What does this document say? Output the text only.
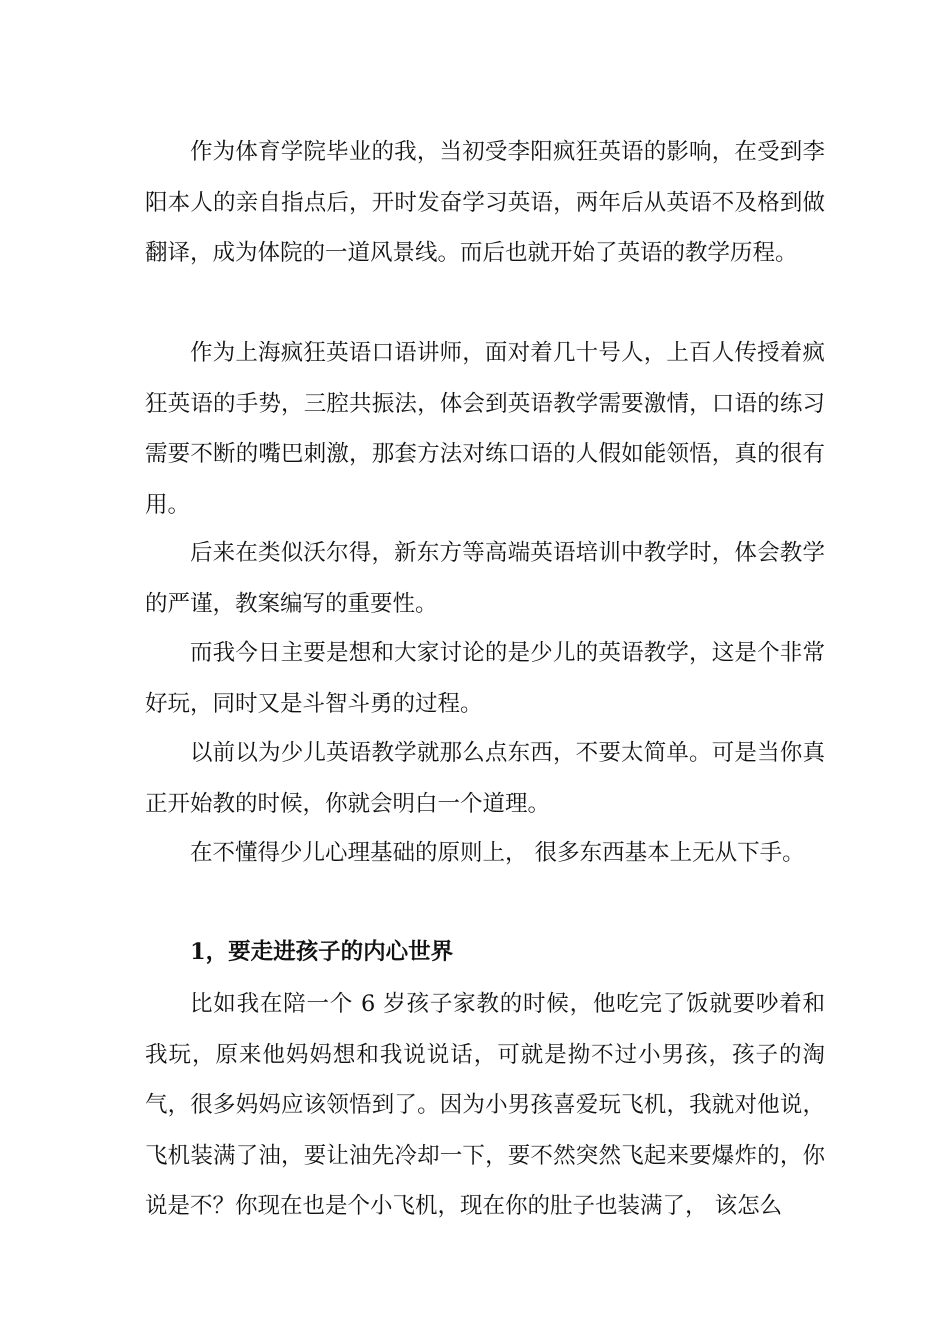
作为体育学院毕业的我，当初受李阳疯狂英语的影响，在受到李阳本人的亲自指点后，开时发奋学习英语，两年后从英语不及格到做翻译，成为体院的一道风景线。而后也就开始了英语的教学历程。

作为上海疯狂英语口语讲师，面对着几十号人，上百人传授着疯狂英语的手势，三腔共振法，体会到英语教学需要激情，口语的练习需要不断的嘴巴刺激，那套方法对练口语的人假如能领悟，真的很有用。

后来在类似沃尔得，新东方等高端英语培训中教学时，体会教学的严谨，教案编写的重要性。

而我今日主要是想和大家讨论的是少儿的英语教学，这是个非常好玩，同时又是斗智斗勇的过程。

以前以为少儿英语教学就那么点东西，不要太简单。可是当你真正开始教的时候，你就会明白一个道理。

在不懂得少儿心理基础的原则上， 很多东西基本上无从下手。

1，要走进孩子的内心世界

比如我在陪一个 6 岁孩子家教的时候，他吃完了饭就要吵着和我玩，原来他妈妈想和我说说话，可就是拗不过小男孩，孩子的淘气，很多妈妈应该领悟到了。因为小男孩喜爱玩飞机，我就对他说，飞机装满了油，要让油先冷却一下，要不然突然飞起来要爆炸的，你说是不？你现在也是个小飞机，现在你的肚子也装满了， 该怎么
